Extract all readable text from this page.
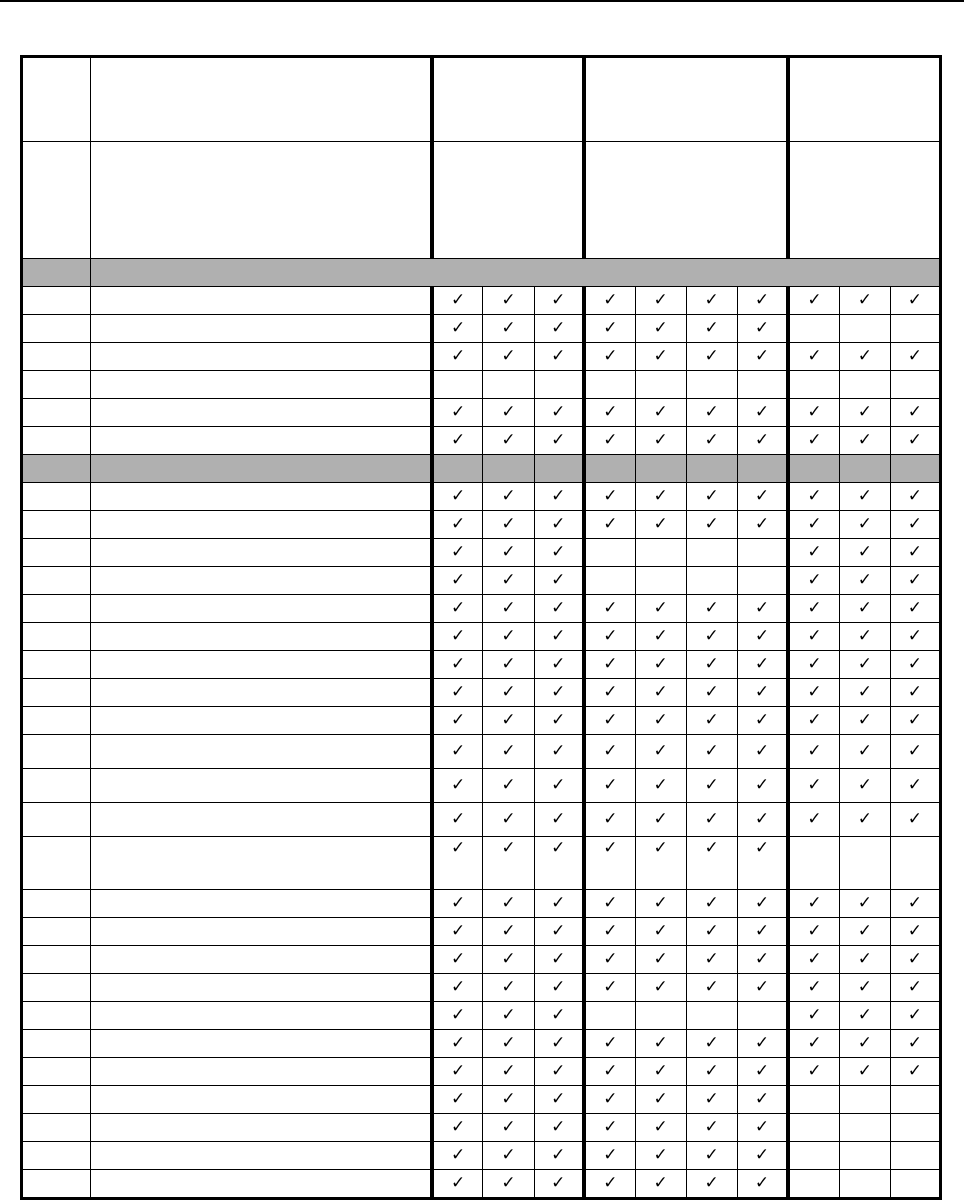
		✓	✓	✓	✓	✓	✓	✓	✓	✓	✓
		✓	✓	✓	✓	✓	✓	✓			
		✓	✓	✓	✓	✓	✓	✓	✓	✓	✓

		✓	✓	✓	✓	✓	✓	✓	✓	✓	✓
		✓	✓	✓	✓	✓	✓	✓	✓	✓	✓

		✓	✓	✓	✓	✓	✓	✓	✓	✓	✓
		✓	✓	✓	✓	✓	✓	✓	✓	✓	✓
		✓	✓	✓					✓	✓	✓
		✓	✓	✓					✓	✓	✓
		✓	✓	✓	✓	✓	✓	✓	✓	✓	✓
		✓	✓	✓	✓	✓	✓	✓	✓	✓	✓
		✓	✓	✓	✓	✓	✓	✓	✓	✓	✓
		✓	✓	✓	✓	✓	✓	✓	✓	✓	✓
		✓	✓	✓	✓	✓	✓	✓	✓	✓	✓
		✓	✓	✓	✓	✓	✓	✓	✓	✓	✓
		✓	✓	✓	✓	✓	✓	✓	✓	✓	✓
		✓	✓	✓	✓	✓	✓	✓	✓	✓	✓
		✓	✓	✓	✓	✓	✓	✓			
		✓	✓	✓	✓	✓	✓	✓	✓	✓	✓
		✓	✓	✓	✓	✓	✓	✓	✓	✓	✓
		✓	✓	✓	✓	✓	✓	✓	✓	✓	✓
		✓	✓	✓	✓	✓	✓	✓	✓	✓	✓
		✓	✓	✓					✓	✓	✓
		✓	✓	✓	✓	✓	✓	✓	✓	✓	✓
		✓	✓	✓	✓	✓	✓	✓	✓	✓	✓
		✓	✓	✓	✓	✓	✓	✓			
		✓	✓	✓	✓	✓	✓	✓			
		✓	✓	✓	✓	✓	✓	✓			
		✓	✓	✓	✓	✓	✓	✓			
